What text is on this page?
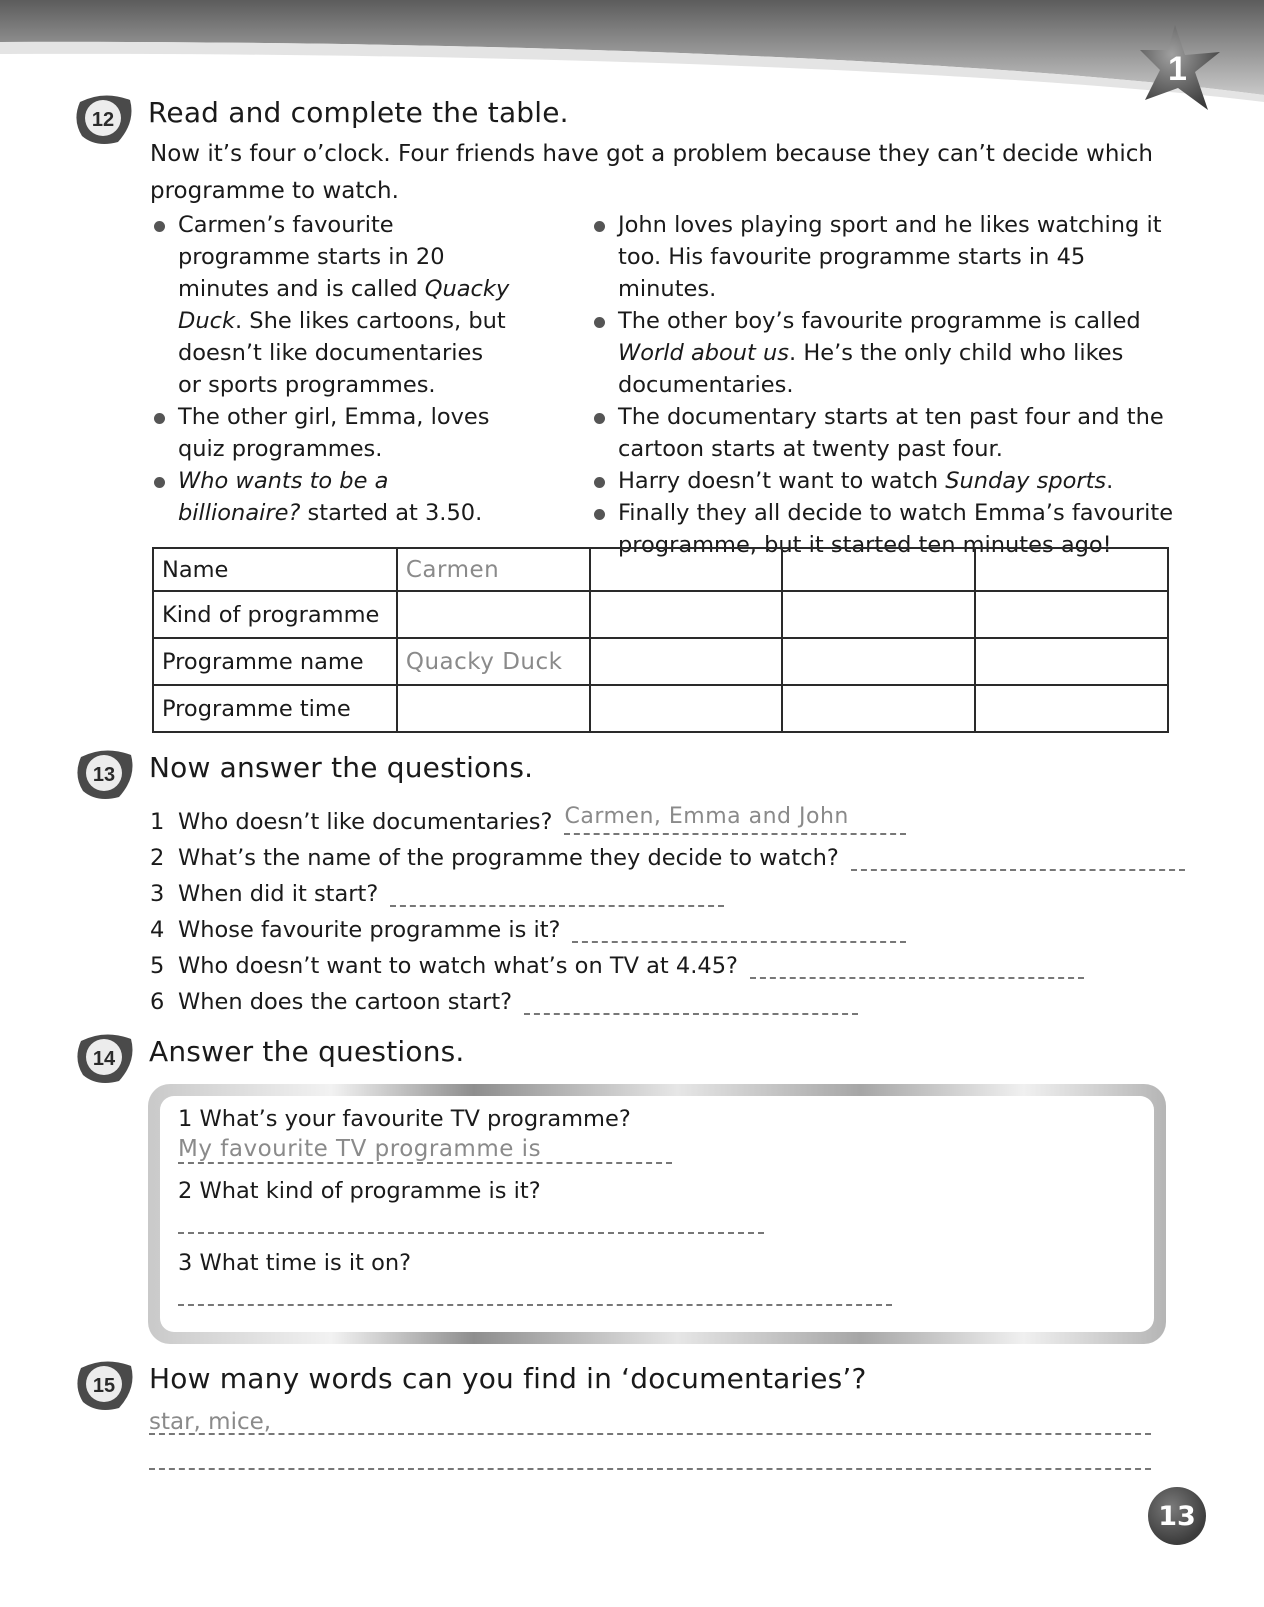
1
12 Read and complete the table.
Now it’s four o’clock. Four friends have got a problem because they can’t decide which programme to watch.
Carmen’s favourite programme starts in 20 minutes and is called Quacky Duck. She likes cartoons, but doesn’t like documentaries or sports programmes.
The other girl, Emma, loves quiz programmes.
Who wants to be a billionaire? started at 3.50.
John loves playing sport and he likes watching it too. His favourite programme starts in 45 minutes.
The other boy’s favourite programme is called World about us. He’s the only child who likes documentaries.
The documentary starts at ten past four and the cartoon starts at twenty past four.
Harry doesn’t want to watch Sunday sports.
Finally they all decide to watch Emma’s favourite programme, but it started ten minutes ago!
Name	Carmen			
Kind of programme				
Programme name	Quacky Duck			
Programme time				
13 Now answer the questions.
1 Who doesn’t like documentaries? Carmen, Emma and John
2 What’s the name of the programme they decide to watch?
3 When did it start?
4 Whose favourite programme is it?
5 Who doesn’t want to watch what’s on TV at 4.45?
6 When does the cartoon start?
14 Answer the questions.
1 What’s your favourite TV programme?
My favourite TV programme is
2 What kind of programme is it?
3 What time is it on?
15 How many words can you find in ‘documentaries’?
star, mice,
13
